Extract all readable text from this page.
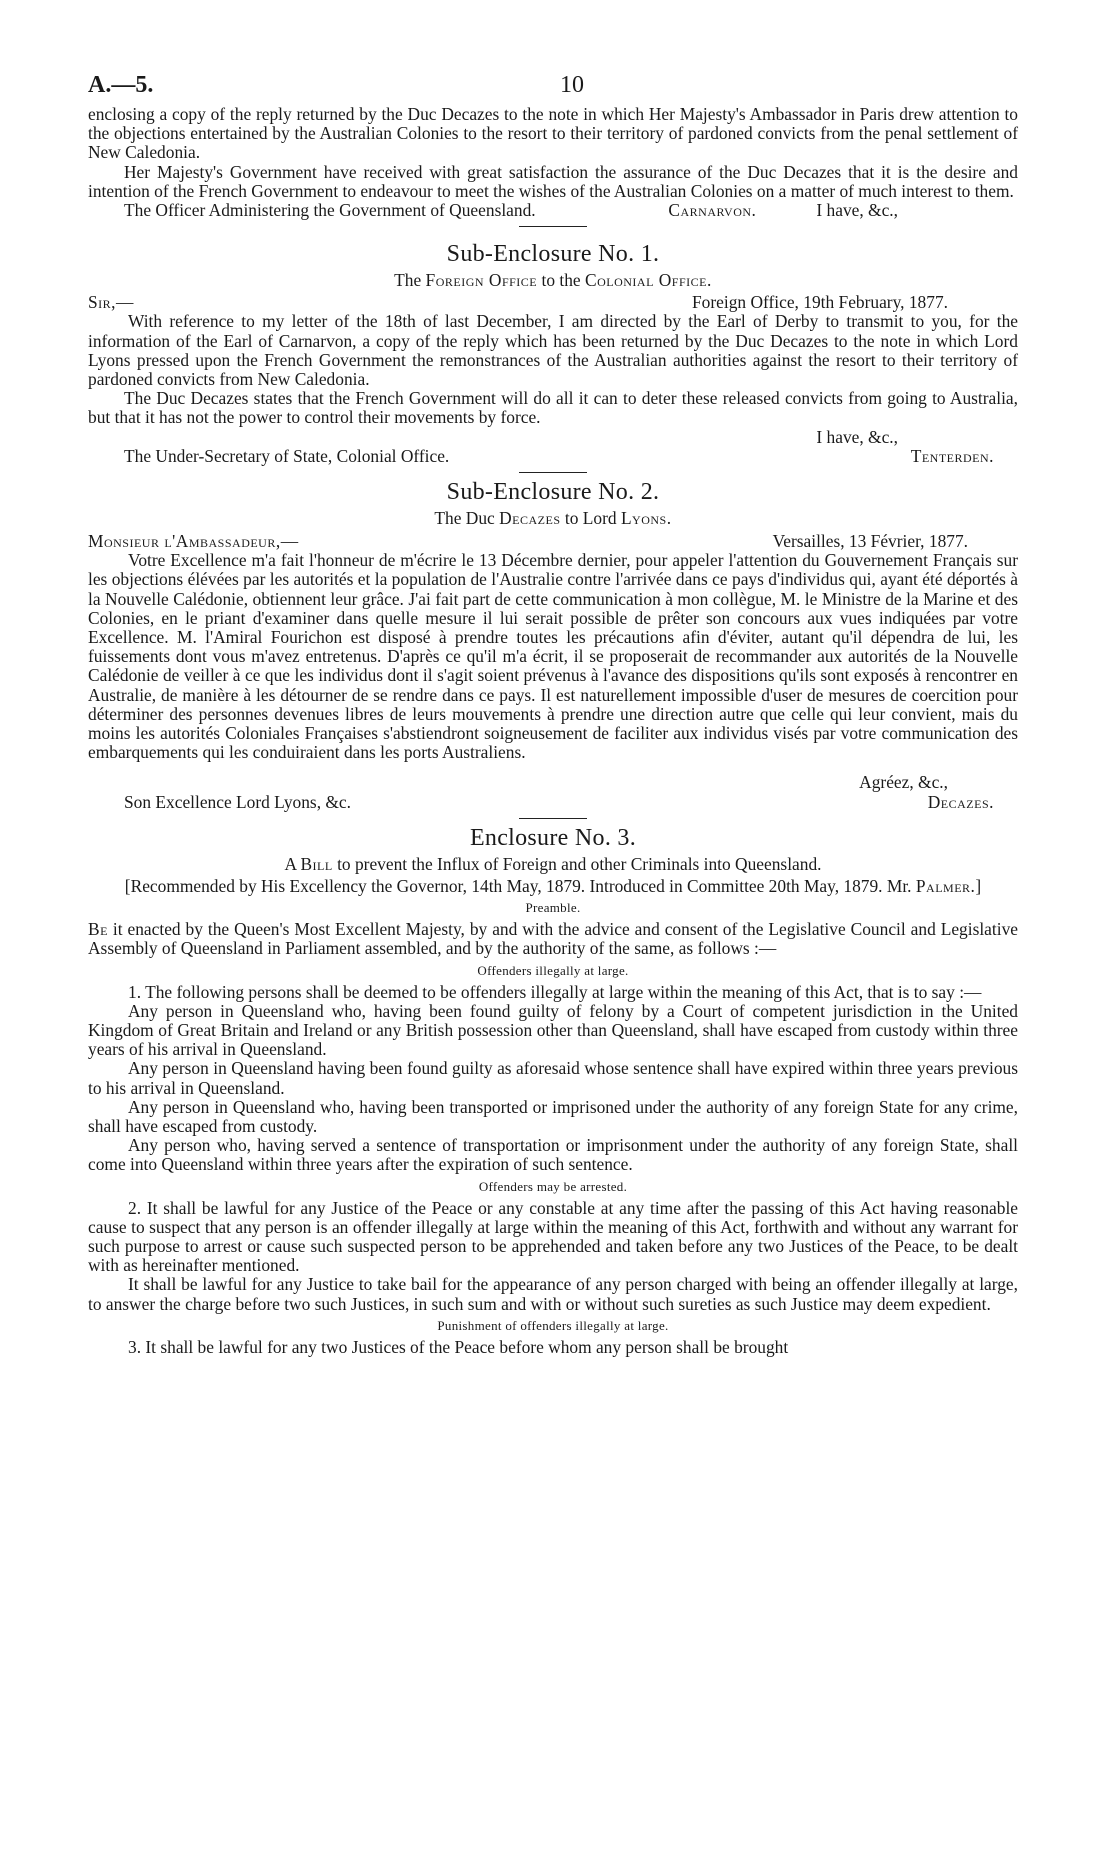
A.—5.	10

enclosing a copy of the reply returned by the Duc Decazes to the note in which Her Majesty's Ambassador in Paris drew attention to the objections entertained by the Australian Colonies to the resort to their territory of pardoned convicts from the penal settlement of New Caledonia.

Her Majesty's Government have received with great satisfaction the assurance of the Duc Decazes that it is the desire and intention of the French Government to endeavour to meet the wishes of the Australian Colonies on a matter of much interest to them.
I have, &c.,

The Officer Administering the Government of Queensland.	Carnarvon.
Sub-Enclosure No. 1.
The Foreign Office to the Colonial Office.
Sir,—	Foreign Office, 19th February, 1877.

With reference to my letter of the 18th of last December, I am directed by the Earl of Derby to transmit to you, for the information of the Earl of Carnarvon, a copy of the reply which has been returned by the Duc Decazes to the note in which Lord Lyons pressed upon the French Government the remonstrances of the Australian authorities against the resort to their territory of pardoned convicts from New Caledonia.

The Duc Decazes states that the French Government will do all it can to deter these released convicts from going to Australia, but that it has not the power to control their movements by force.

I have, &c.,
The Under-Secretary of State, Colonial Office.	Tenterden.
Sub-Enclosure No. 2.
The Duc Decazes to Lord Lyons.
Monsieur l'Ambassadeur,—	Versailles, 13 Février, 1877.

Votre Excellence m'a fait l'honneur de m'écrire le 13 Décembre dernier, pour appeler l'attention du Gouvernement Français sur les objections élévées par les autorités et la population de l'Australie contre l'arrivée dans ce pays d'individus qui, ayant été déportés à la Nouvelle Calédonie, obtiennent leur grâce. J'ai fait part de cette communication à mon collègue, M. le Ministre de la Marine et des Colonies, en le priant d'examiner dans quelle mesure il lui serait possible de prêter son concours aux vues indiquées par votre Excellence. M. l'Amiral Fourichon est disposé à prendre toutes les précautions afin d'éviter, autant qu'il dépendra de lui, les fuissements dont vous m'avez entretenus. D'après ce qu'il m'a écrit, il se proposerait de recommander aux autorités de la Nouvelle Calédonie de veiller à ce que les individus dont il s'agit soient prévenus à l'avance des dispositions qu'ils sont exposés à rencontrer en Australie, de manière à les détourner de se rendre dans ce pays. Il est naturellement impossible d'user de mesures de coercition pour déterminer des personnes devenues libres de leurs mouvements à prendre une direction autre que celle qui leur convient, mais du moins les autorités Coloniales Françaises s'abstiendront soigneusement de faciliter aux individus visés par votre communication des embarquements qui les conduiraient dans les ports Australiens.

Agréez, &c.,
Son Excellence Lord Lyons, &c.	Decazes.
Enclosure No. 3.
A Bill to prevent the Influx of Foreign and other Criminals into Queensland.

[Recommended by His Excellency the Governor, 14th May, 1879. Introduced in Committee 20th May, 1879. Mr. Palmer.]

Preamble.

Be it enacted by the Queen's Most Excellent Majesty, by and with the advice and consent of the Legislative Council and Legislative Assembly of Queensland in Parliament assembled, and by the authority of the same, as follows :—

Offenders illegally at large.

1. The following persons shall be deemed to be offenders illegally at large within the meaning of this Act, that is to say :—

Any person in Queensland who, having been found guilty of felony by a Court of competent jurisdiction in the United Kingdom of Great Britain and Ireland or any British possession other than Queensland, shall have escaped from custody within three years of his arrival in Queensland.

Any person in Queensland having been found guilty as aforesaid whose sentence shall have expired within three years previous to his arrival in Queensland.

Any person in Queensland who, having been transported or imprisoned under the authority of any foreign State for any crime, shall have escaped from custody.

Any person who, having served a sentence of transportation or imprisonment under the authority of any foreign State, shall come into Queensland within three years after the expiration of such sentence.

Offenders may be arrested.

2. It shall be lawful for any Justice of the Peace or any constable at any time after the passing of this Act having reasonable cause to suspect that any person is an offender illegally at large within the meaning of this Act, forthwith and without any warrant for such purpose to arrest or cause such suspected person to be apprehended and taken before any two Justices of the Peace, to be dealt with as hereinafter mentioned.

It shall be lawful for any Justice to take bail for the appearance of any person charged with being an offender illegally at large, to answer the charge before two such Justices, in such sum and with or without such sureties as such Justice may deem expedient.

Punishment of offenders illegally at large.

3. It shall be lawful for any two Justices of the Peace before whom any person shall be brought
